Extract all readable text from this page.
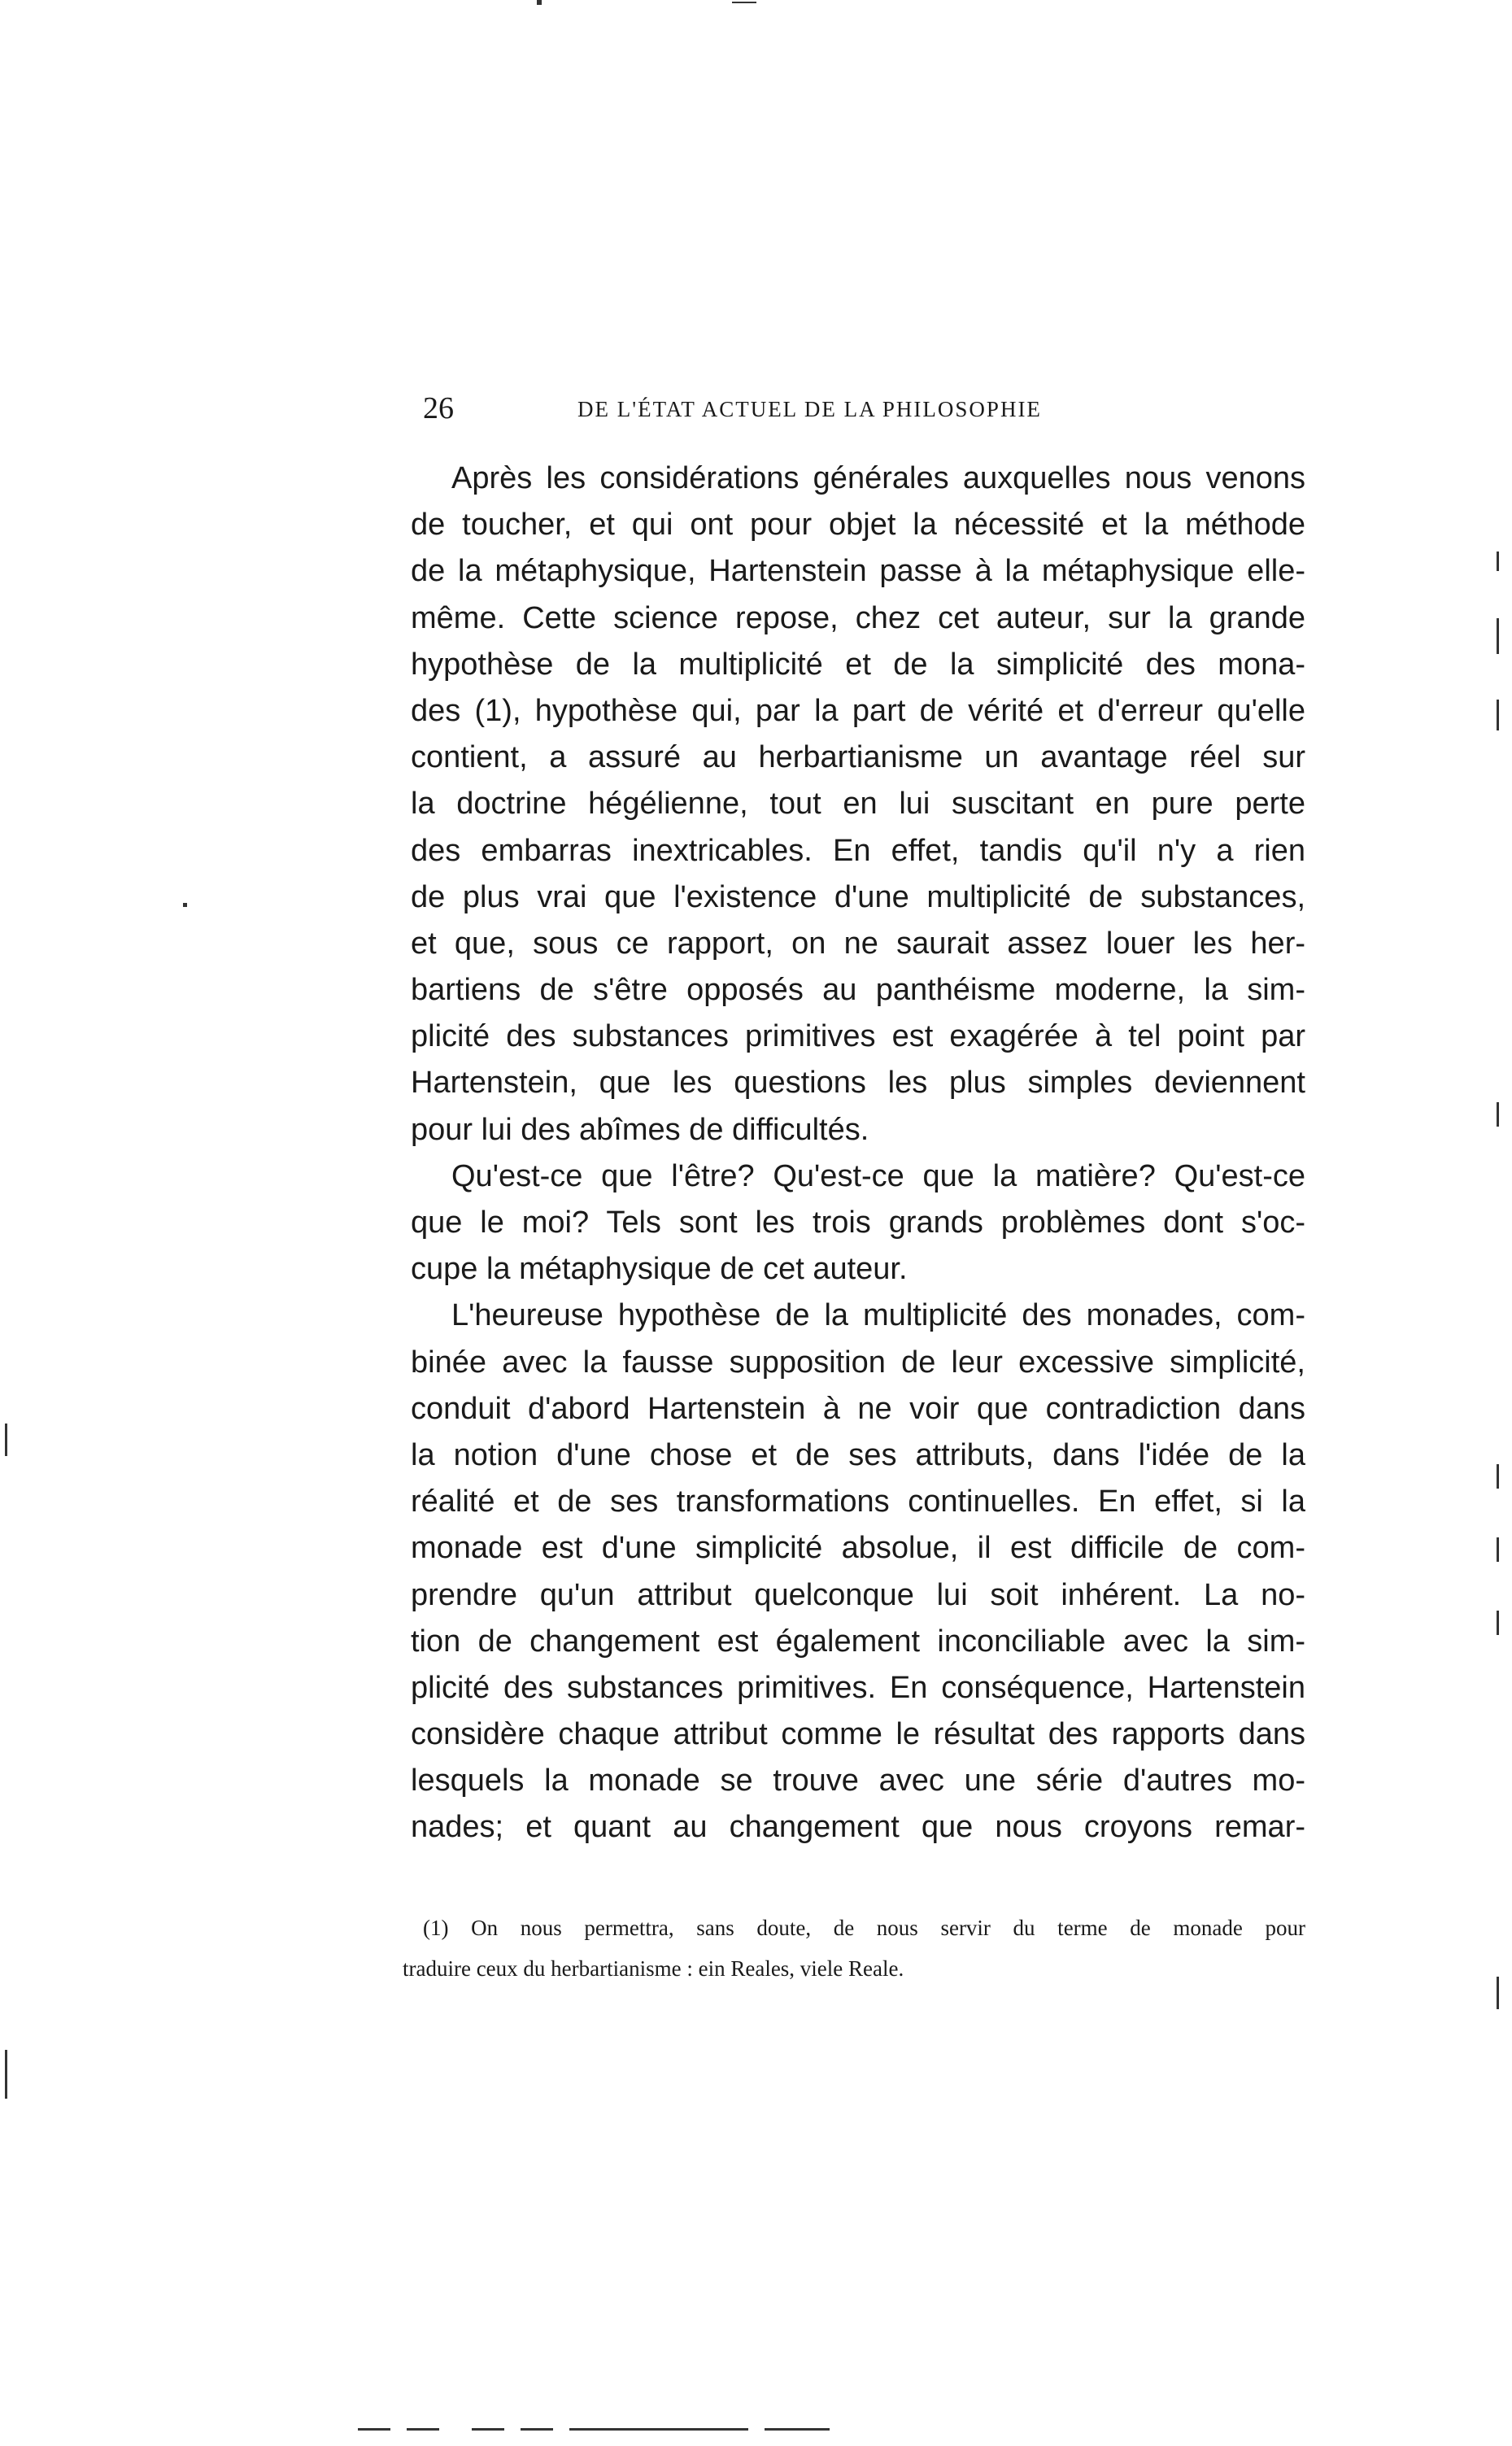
26	DE L'ÉTAT ACTUEL DE LA PHILOSOPHIE
Après les considérations générales auxquelles nous venons
de toucher, et qui ont pour objet la nécessité et la méthode
de la métaphysique, Hartenstein passe à la métaphysique elle-
même. Cette science repose, chez cet auteur, sur la grande
hypothèse de la multiplicité et de la simplicité des mona-
des (1), hypothèse qui, par la part de vérité et d'erreur qu'elle
contient, a assuré au herbartianisme un avantage réel sur
la doctrine hégélienne, tout en lui suscitant en pure perte
des embarras inextricables. En effet, tandis qu'il n'y a rien
de plus vrai que l'existence d'une multiplicité de substances,
et que, sous ce rapport, on ne saurait assez louer les her-
bartiens de s'être opposés au panthéisme moderne, la sim-
plicité des substances primitives est exagérée à tel point par
Hartenstein, que les questions les plus simples deviennent
pour lui des abîmes de difficultés.
Qu'est-ce que l'être? Qu'est-ce que la matière? Qu'est-ce
que le moi? Tels sont les trois grands problèmes dont s'oc-
cupe la métaphysique de cet auteur.
L'heureuse hypothèse de la multiplicité des monades, com-
binée avec la fausse supposition de leur excessive simplicité,
conduit d'abord Hartenstein à ne voir que contradiction dans
la notion d'une chose et de ses attributs, dans l'idée de la
réalité et de ses transformations continuelles. En effet, si la
monade est d'une simplicité absolue, il est difficile de com-
prendre qu'un attribut quelconque lui soit inhérent. La no-
tion de changement est également inconciliable avec la sim-
plicité des substances primitives. En conséquence, Hartenstein
considère chaque attribut comme le résultat des rapports dans
lesquels la monade se trouve avec une série d'autres mo-
nades; et quant au changement que nous croyons remar-
(1) On nous permettra, sans doute, de nous servir du terme de monade pour
traduire ceux du herbartianisme : ein Reales, viele Reale.
